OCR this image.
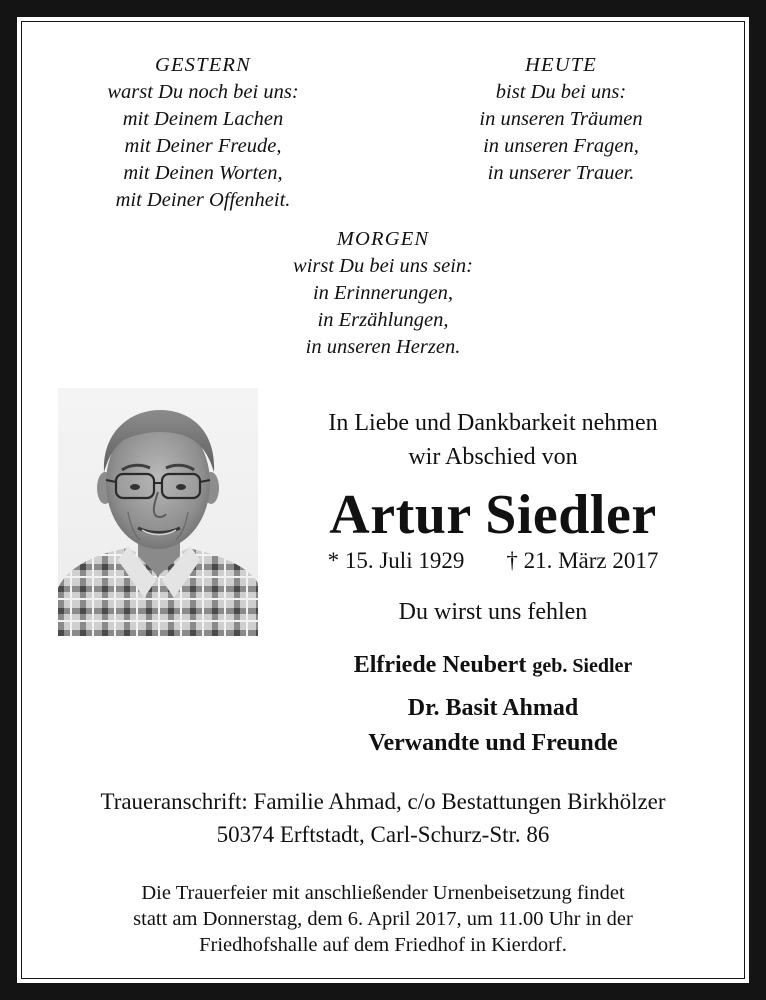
GESTERN
warst Du noch bei uns:
mit Deinem Lachen
mit Deiner Freude,
mit Deinen Worten,
mit Deiner Offenheit.
HEUTE
bist Du bei uns:
in unseren Träumen
in unseren Fragen,
in unserer Trauer.
MORGEN
wirst Du bei uns sein:
in Erinnerungen,
in Erzählungen,
in unseren Herzen.
In Liebe und Dankbarkeit nehmen
wir Abschied von
Artur Siedler
* 15. Juli 1929 † 21. März 2017
Du wirst uns fehlen
Elfriede Neubert geb. Siedler
Dr. Basit Ahmad
Verwandte und Freunde
Traueranschrift: Familie Ahmad, c/o Bestattungen Birkhölzer
50374 Erftstadt, Carl-Schurz-Str. 86
Die Trauerfeier mit anschließender Urnenbeisetzung findet
statt am Donnerstag, dem 6. April 2017, um 11.00 Uhr in der
Friedhofshalle auf dem Friedhof in Kierdorf.
